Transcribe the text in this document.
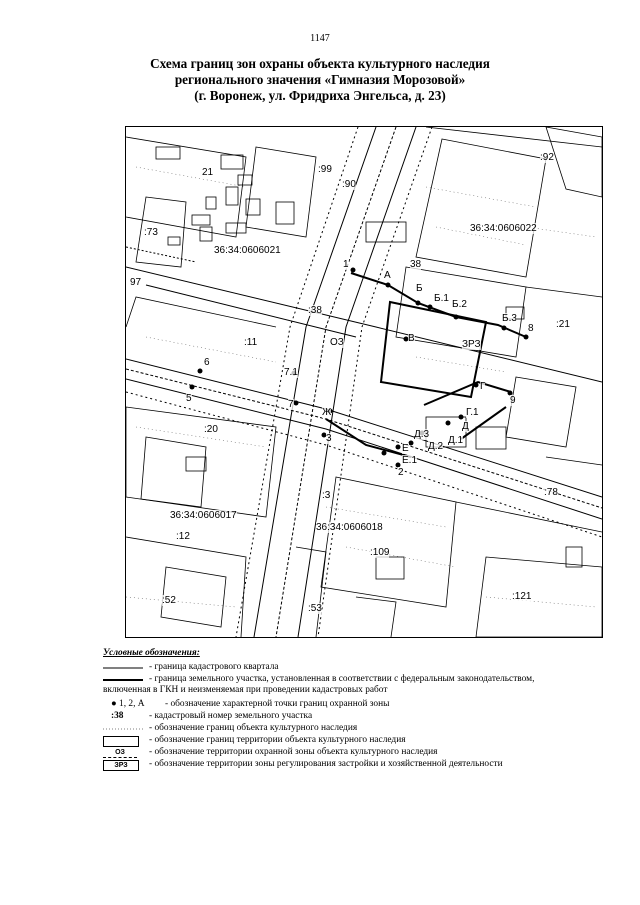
1147
Схема границ зон охраны объекта культурного наследия
регионального значения «Гимназия Морозовой»
(г. Воронеж, ул. Фридриха Энгельса, д. 23)
:92
21	:99
:90
36:34:0606022
:73
36:34:0606021
97
38
:38
:11
:21
ОЗ	ЗРЗ
:20
:3	:78
36:34:0606017
36:34:0606018
:12
:109
:52	:121
:53
1
А
Б
Б.1
Б.2
Б.3
8
В
Г
9
Г.1
Д
Д.1
Д.2
Д.3
Е
Е.1
2
Ж
3
6
7.1
7
5
Условные обозначения:
- граница кадастрового квартала
- граница земельного участка, установленная в соответствии с федеральным законодательством,
включенная в ГКН и неизменяемая при проведении кадастровых работ
● 1, 2, А	- обозначение характерной точки границ охранной зоны
:38	- кадастровый номер земельного участка
- обозначение границ объекта культурного наследия
- обозначение границ территории объекта культурного наследия
ОЗ	- обозначение территории охранной зоны объекта культурного наследия
ЗРЗ	- обозначение территории зоны регулирования застройки и хозяйственной деятельности
